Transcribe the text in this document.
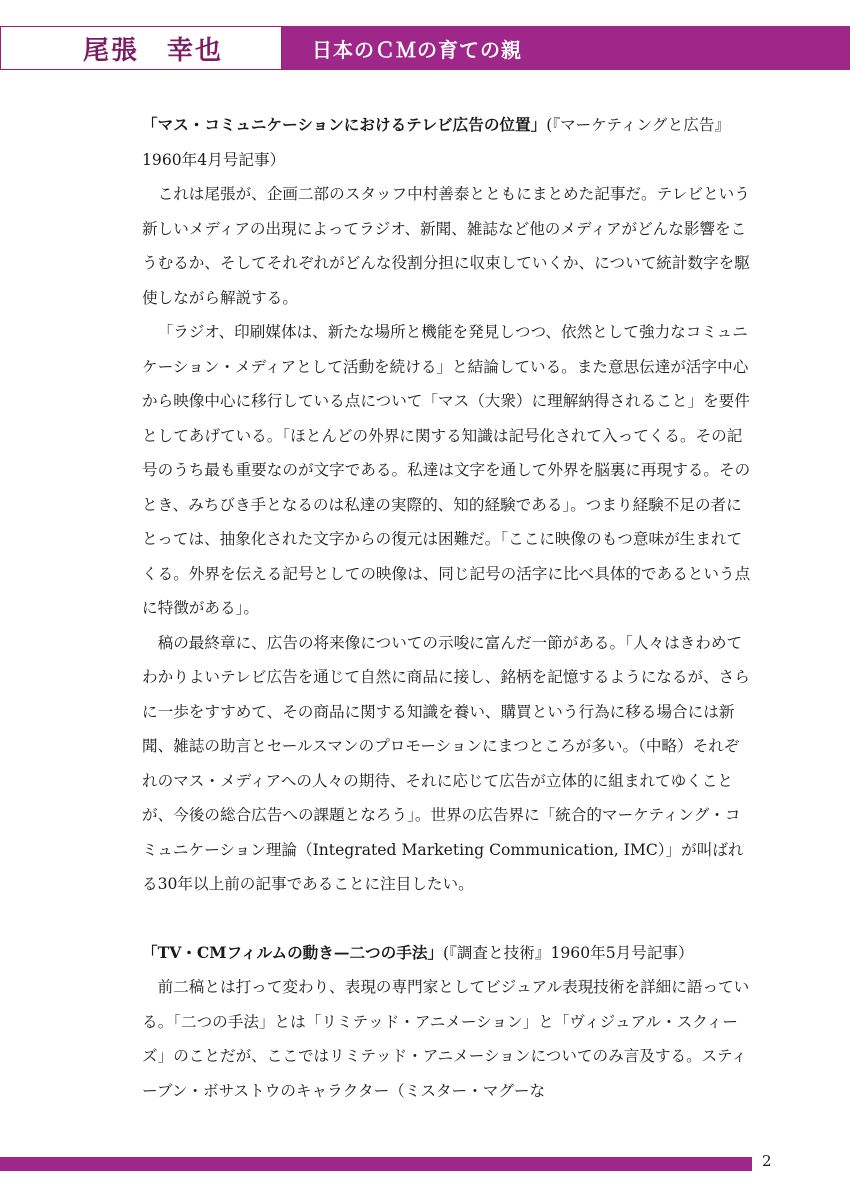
尾張　幸也	日本のＣＭの育ての親

「マス・コミュニケーションにおけるテレビ広告の位置」(『マーケティングと広告』1960年4月号記事）

これは尾張が、企画二部のスタッフ中村善泰とともにまとめた記事だ。テレビという新しいメディアの出現によってラジオ、新聞、雑誌など他のメディアがどんな影響をこうむるか、そしてそれぞれがどんな役割分担に収束していくか、について統計数字を駆使しながら解説する。

「ラジオ、印刷媒体は、新たな場所と機能を発見しつつ、依然として強力なコミュニケーション・メディアとして活動を続ける」と結論している。また意思伝達が活字中心から映像中心に移行している点について「マス（大衆）に理解納得されること」を要件としてあげている。「ほとんどの外界に関する知識は記号化されて入ってくる。その記号のうち最も重要なのが文字である。私達は文字を通して外界を脳裏に再現する。そのとき、みちびき手となるのは私達の実際的、知的経験である」。つまり経験不足の者にとっては、抽象化された文字からの復元は困難だ。「ここに映像のもつ意味が生まれてくる。外界を伝える記号としての映像は、同じ記号の活字に比べ具体的であるという点に特徴がある」。

稿の最終章に、広告の将来像についての示唆に富んだ一節がある。「人々はきわめてわかりよいテレビ広告を通じて自然に商品に接し、銘柄を記憶するようになるが、さらに一歩をすすめて、その商品に関する知識を養い、購買という行為に移る場合には新聞、雑誌の助言とセールスマンのプロモーションにまつところが多い。（中略）それぞれのマス・メディアへの人々の期待、それに応じて広告が立体的に組まれてゆくことが、今後の総合広告への課題となろう」。世界の広告界に「統合的マーケティング・コミュニケーション理論（Integrated Marketing Communication, IMC）」が叫ばれる30年以上前の記事であることに注目したい。

「TV・CMフィルムの動き—二つの手法」(『調査と技術』1960年5月号記事）

前二稿とは打って変わり、表現の専門家としてビジュアル表現技術を詳細に語っている。「二つの手法」とは「リミテッド・アニメーション」と「ヴィジュアル・スクィーズ」のことだが、ここではリミテッド・アニメーションについてのみ言及する。スティーブン・ボサストウのキャラクター（ミスター・マグーな

2
